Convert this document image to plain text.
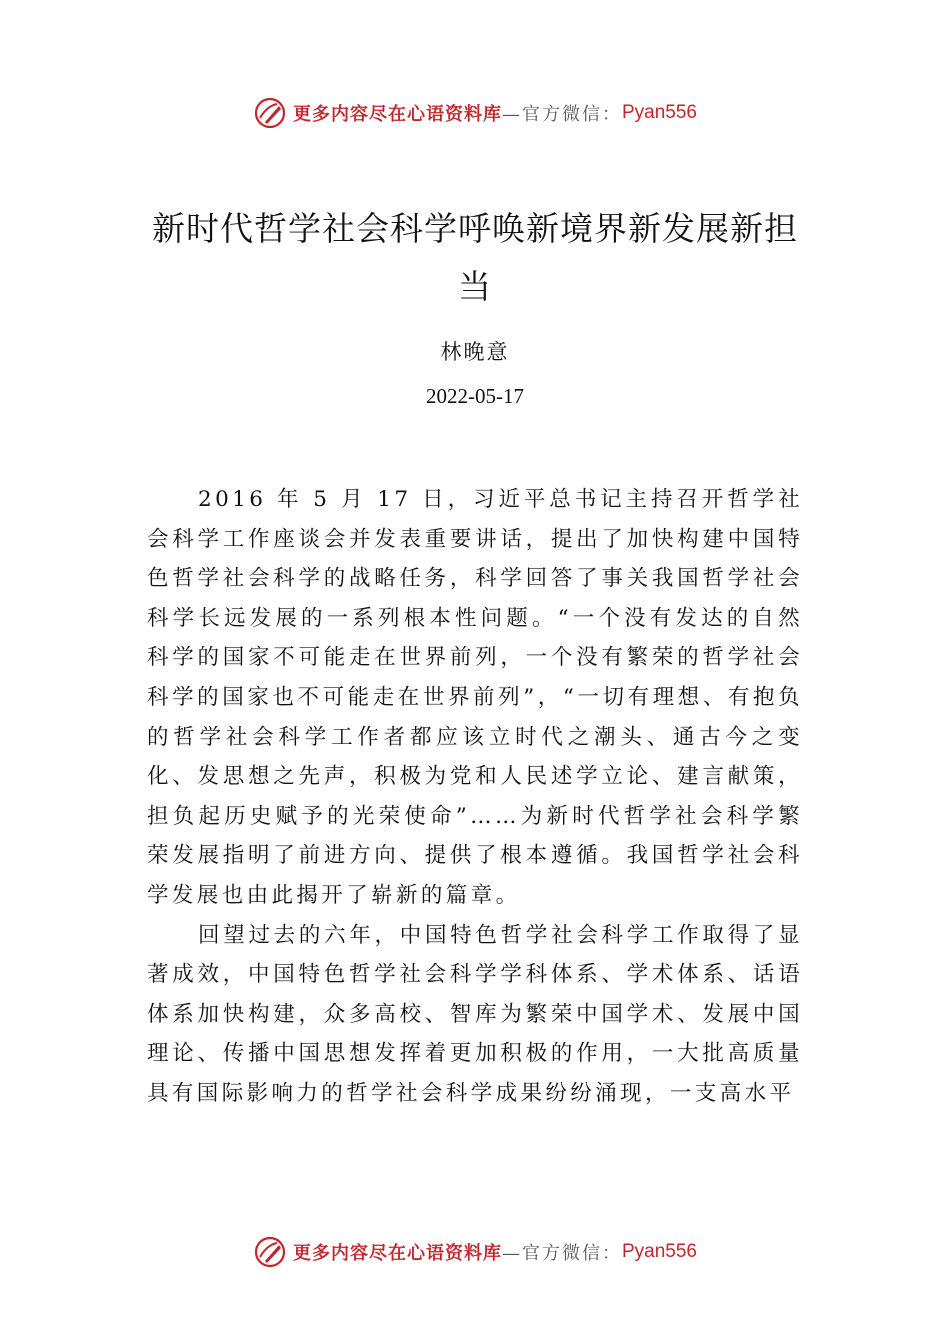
更多内容尽在心语资料库 —官方微信： Pyan556
新时代哲学社会科学呼唤新境界新发展新担当
林晚意
2022-05-17

2016 年 5 月 17 日，习近平总书记主持召开哲学社会科学工作座谈会并发表重要讲话，提出了加快构建中国特色哲学社会科学的战略任务，科学回答了事关我国哲学社会科学长远发展的一系列根本性问题。“一个没有发达的自然科学的国家不可能走在世界前列，一个没有繁荣的哲学社会科学的国家也不可能走在世界前列”，“一切有理想、有抱负的哲学社会科学工作者都应该立时代之潮头、通古今之变化、发思想之先声，积极为党和人民述学立论、建言献策，担负起历史赋予的光荣使命”……为新时代哲学社会科学繁荣发展指明了前进方向、提供了根本遵循。我国哲学社会科学发展也由此揭开了崭新的篇章。

回望过去的六年，中国特色哲学社会科学工作取得了显著成效，中国特色哲学社会科学学科体系、学术体系、话语体系加快构建，众多高校、智库为繁荣中国学术、发展中国理论、传播中国思想发挥着更加积极的作用，一大批高质量具有国际影响力的哲学社会科学成果纷纷涌现，一支高水平

更多内容尽在心语资料库 —官方微信： Pyan556
